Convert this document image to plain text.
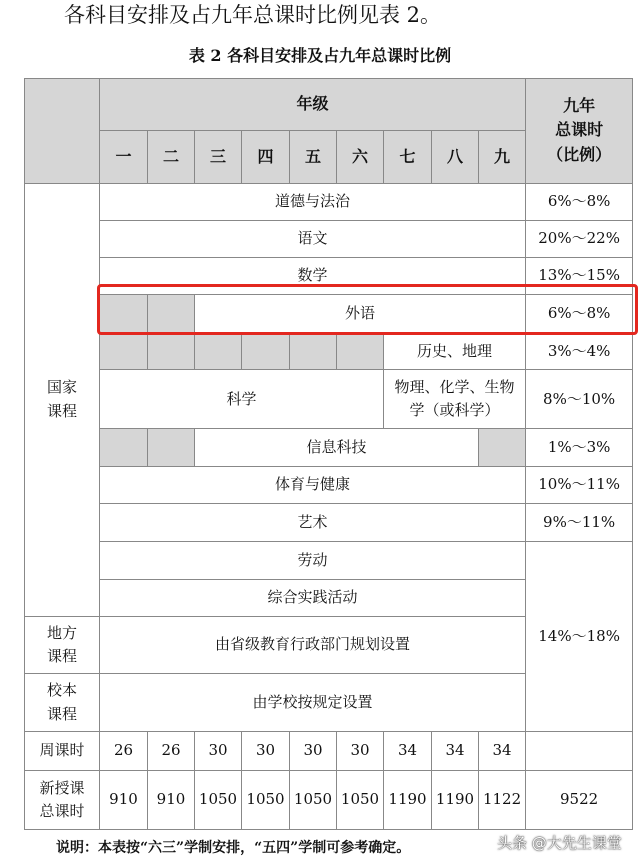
各科目安排及占九年总课时比例见表 2。
表 2 各科目安排及占九年总课时比例
	年级									九年
总课时
（比例）

	一	二	三	四	五	六	七	八	九	

国家
课程	道德与法治									6%～8%
	语文									20%～22%
	数学									13%～15%
			外语							6%～8%
							历史、地理			3%～4%
	科学						物理、化学、生物
学（或科学）			8%～10%
			信息科技							1%～3%
	体育与健康									10%～11%
	艺术									9%～11%
	劳动									14%～18%
	综合实践活动									

地方
课程	由省级教育行政部门规划设置									

校本
课程	由学校按规定设置									
周课时	26	26	30	30	30	30	34	34	34	

新授课
总课时	910	910	1050	1050	1050	1050	1190	1190	1122	9522
说明：本表按“六三”学制安排，“五四”学制可参考确定。	头条 @大先生课堂
